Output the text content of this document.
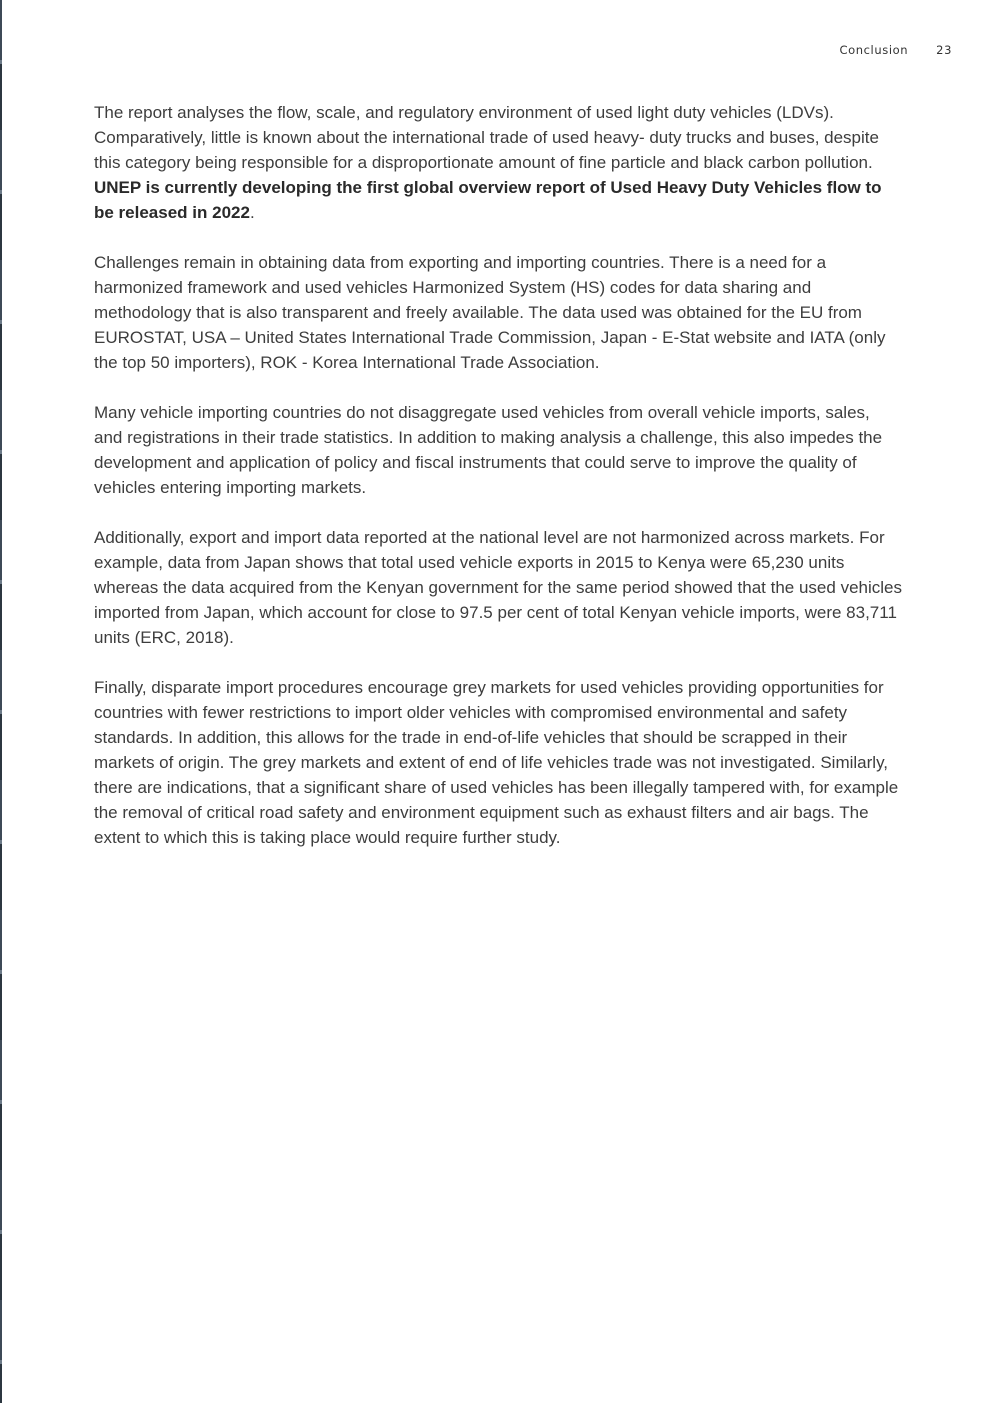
Conclusion 23

The report analyses the flow, scale, and regulatory environment of used light duty vehicles (LDVs). Comparatively, little is known about the international trade of used heavy- duty trucks and buses, despite this category being responsible for a disproportionate amount of fine particle and black carbon pollution. UNEP is currently developing the first global overview report of Used Heavy Duty Vehicles flow to be released in 2022.

Challenges remain in obtaining data from exporting and importing countries. There is a need for a harmonized framework and used vehicles Harmonized System (HS) codes for data sharing and methodology that is also transparent and freely available. The data used was obtained for the EU from EUROSTAT, USA – United States International Trade Commission, Japan - E-Stat website and IATA (only the top 50 importers), ROK - Korea International Trade Association.

Many vehicle importing countries do not disaggregate used vehicles from overall vehicle imports, sales, and registrations in their trade statistics. In addition to making analysis a challenge, this also impedes the development and application of policy and fiscal instruments that could serve to improve the quality of vehicles entering importing markets.

Additionally, export and import data reported at the national level are not harmonized across markets. For example, data from Japan shows that total used vehicle exports in 2015 to Kenya were 65,230 units whereas the data acquired from the Kenyan government for the same period showed that the used vehicles imported from Japan, which account for close to 97.5 per cent of total Kenyan vehicle imports, were 83,711 units (ERC, 2018).

Finally, disparate import procedures encourage grey markets for used vehicles providing opportunities for countries with fewer restrictions to import older vehicles with compromised environmental and safety standards. In addition, this allows for the trade in end-of-life vehicles that should be scrapped in their markets of origin. The grey markets and extent of end of life vehicles trade was not investigated. Similarly, there are indications, that a significant share of used vehicles has been illegally tampered with, for example the removal of critical road safety and environment equipment such as exhaust filters and air bags. The extent to which this is taking place would require further study.
